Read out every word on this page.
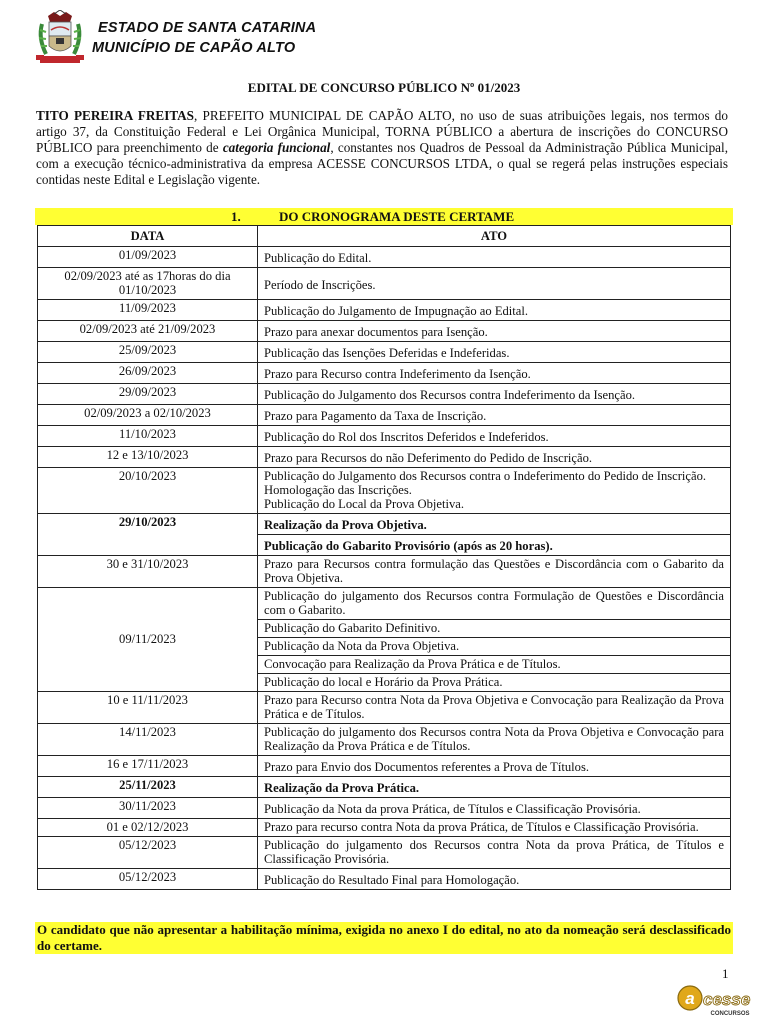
ESTADO DE SANTA CATARINA
MUNICÍPIO DE CAPÃO ALTO
EDITAL DE CONCURSO PÚBLICO Nº 01/2023

TITO PEREIRA FREITAS, PREFEITO MUNICIPAL DE CAPÃO ALTO, no uso de suas atribuições legais, nos termos do artigo 37, da Constituição Federal e Lei Orgânica Municipal, TORNA PÚBLICO a abertura de inscrições do CONCURSO PÚBLICO para preenchimento de categoria funcional, constantes nos Quadros de Pessoal da Administração Pública Municipal, com a execução técnico-administrativa da empresa ACESSE CONCURSOS LTDA, o qual se regerá pelas instruções especiais contidas neste Edital e Legislação vigente.

1.	DO CRONOGRAMA DESTE CERTAME
DATA	ATO
01/09/2023	Publicação do Edital.

02/09/2023 até as 17horas do dia
01/10/2023	Período de Inscrições.
11/09/2023	Publicação do Julgamento de Impugnação ao Edital.
02/09/2023 até 21/09/2023	Prazo para anexar documentos para Isenção.
25/09/2023	Publicação das Isenções Deferidas e Indeferidas.
26/09/2023	Prazo para Recurso contra Indeferimento da Isenção.
29/09/2023	Publicação do Julgamento dos Recursos contra Indeferimento da Isenção.
02/09/2023 a 02/10/2023	Prazo para Pagamento da Taxa de Inscrição.
11/10/2023	Publicação do Rol dos Inscritos Deferidos e Indeferidos.
12 e 13/10/2023	Prazo para Recursos do não Deferimento do Pedido de Inscrição.
20/10/2023	Publicação do Julgamento dos Recursos contra o Indeferimento do Pedido de Inscrição.
Homologação das Inscrições.
Publicação do Local da Prova Objetiva.

29/10/2023	Realização da Prova Objetiva.
	Publicação do Gabarito Provisório (após as 20 horas).
30 e 31/10/2023	Prazo para Recursos contra formulação das Questões e Discordância com o Gabarito da Prova Objetiva.
09/11/2023	Publicação do julgamento dos Recursos contra Formulação de Questões e Discordância com o Gabarito.
	Publicação do Gabarito Definitivo.
	Publicação da Nota da Prova Objetiva.
	Convocação para Realização da Prova Prática e de Títulos.
	Publicação do local e Horário da Prova Prática.
10 e 11/11/2023	Prazo para Recurso contra Nota da Prova Objetiva e Convocação para Realização da Prova Prática e de Títulos.
14/11/2023	Publicação do julgamento dos Recursos contra Nota da Prova Objetiva e Convocação para Realização da Prova Prática e de Títulos.
16 e 17/11/2023	Prazo para Envio dos Documentos referentes a Prova de Títulos.
25/11/2023	Realização da Prova Prática.
30/11/2023	Publicação da Nota da prova Prática, de Títulos e Classificação Provisória.
01 e 02/12/2023	Prazo para recurso contra Nota da prova Prática, de Títulos e Classificação Provisória.
05/12/2023	Publicação do julgamento dos Recursos contra Nota da prova Prática, de Títulos e Classificação Provisória.
05/12/2023	Publicação do Resultado Final para Homologação.
O candidato que não apresentar a habilitação mínima, exigida no anexo I do edital, no ato da nomeação será desclassificado do certame.
1
a cesse
CONCURSOS
